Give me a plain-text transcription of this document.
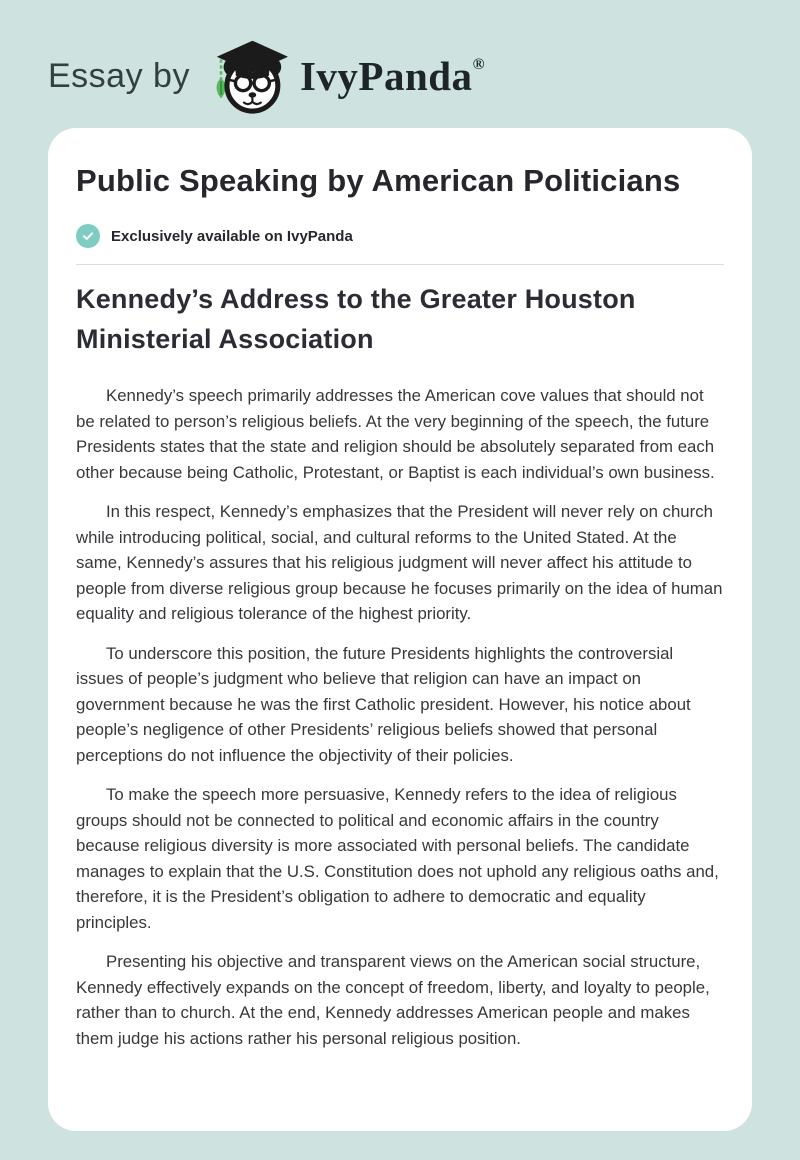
Essay by	IvyPanda®
Public Speaking by American Politicians
Exclusively available on IvyPanda
Kennedy’s Address to the Greater Houston Ministerial Association

Kennedy’s speech primarily addresses the American cove values that should not be related to person’s religious beliefs. At the very beginning of the speech, the future Presidents states that the state and religion should be absolutely separated from each other because being Catholic, Protestant, or Baptist is each individual’s own business.

In this respect, Kennedy’s emphasizes that the President will never rely on church while introducing political, social, and cultural reforms to the United Stated. At the same, Kennedy’s assures that his religious judgment will never affect his attitude to people from diverse religious group because he focuses primarily on the idea of human equality and religious tolerance of the highest priority.

To underscore this position, the future Presidents highlights the controversial issues of people’s judgment who believe that religion can have an impact on government because he was the first Catholic president. However, his notice about people’s negligence of other Presidents’ religious beliefs showed that personal perceptions do not influence the objectivity of their policies.

To make the speech more persuasive, Kennedy refers to the idea of religious groups should not be connected to political and economic affairs in the country because religious diversity is more associated with personal beliefs. The candidate manages to explain that the U.S. Constitution does not uphold any religious oaths and, therefore, it is the President’s obligation to adhere to democratic and equality principles.

Presenting his objective and transparent views on the American social structure, Kennedy effectively expands on the concept of freedom, liberty, and loyalty to people, rather than to church. At the end, Kennedy addresses American people and makes them judge his actions rather his personal religious position.
